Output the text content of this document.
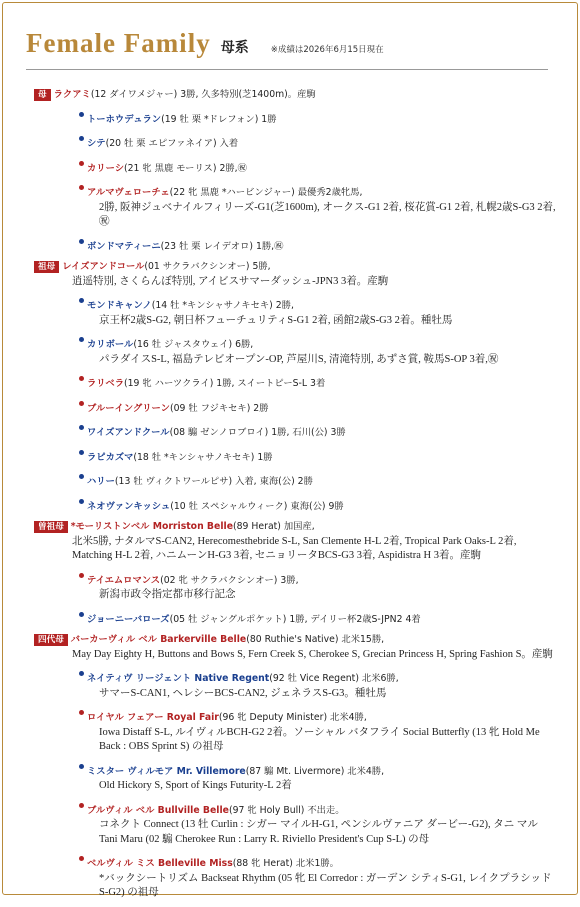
Female Family 母系	※成績は2026年6月15日現在
母 ラクアミ(12 ダイワメジャー) 3勝, 久多特別(芝1400m)。産駒
トーホウデュラン(19 牡 栗 *ドレフォン) 1勝
シテ(20 牡 栗 エピファネイア) 入着
カリーシ(21 牝 黒鹿 モーリス) 2勝,㊗
アルマヴェローチェ(22 牝 黒鹿 *ハービンジャー) 最優秀2歳牝馬,
2勝, 阪神ジュベナイルフィリーズ-G1(芝1600m), オークス-G1 2着, 桜花賞-G1 2着, 札幌2歳S-G3 2着,㊗
ボンドマティーニ(23 牡 栗 レイデオロ) 1勝,㊗
祖母 レイズアンドコール(01 サクラバクシンオー) 5勝,
逍遥特別, さくらんぼ特別, アイビスサマーダッシュ-JPN3 3着。産駒
モンドキャンノ(14 牡 *キンシャサノキセキ) 2勝,
京王杯2歳S-G2, 朝日杯フューチュリティS-G1 2着, 函館2歳S-G3 2着。種牡馬
カリボール(16 牡 ジャスタウェイ) 6勝,
パラダイスS-L, 福島テレビオープン-OP, 芦屋川S, 清滝特別, あずさ賞, 鞍馬S-OP 3着,㊗
ラリベラ(19 牝 ハーツクライ) 1勝, スイートピーS-L 3着
ブルーイングリーン(09 牡 フジキセキ) 2勝
ワイズアンドクール(08 騸 ゼンノロブロイ) 1勝, 石川(公) 3勝
ラピカズマ(18 牡 *キンシャサノキセキ) 1勝
ハリー(13 牡 ヴィクトワールピサ) 入着, 東海(公) 2勝
ネオヴァンキッシュ(10 牡 スペシャルウィーク) 東海(公) 9勝
曽祖母 *モーリストンベル Morriston Belle(89 Herat) 加国産,
北米5勝, ナタルマS-CAN2, Herecomesthebride S-L, San Clemente H-L 2着, Tropical Park Oaks-L 2着, Matching H-L 2着, ハニムーンH-G3 3着, セニョリータBCS-G3 3着, Aspidistra H 3着。産駒
テイエムロマンス(02 牝 サクラバクシンオー) 3勝,
新潟市政令指定都市移行記念
ジョーニーバローズ(05 牡 ジャングルポケット) 1勝, デイリー杯2歳S-JPN2 4着
四代母 バーカーヴィル ベル Barkerville Belle(80 Ruthie's Native) 北米15勝,
May Day Eighty H, Buttons and Bows S, Fern Creek S, Cherokee S, Grecian Princess H, Spring Fashion S。産駒
ネイティヴ リージェント Native Regent(92 牡 Vice Regent) 北米6勝,
サマーS-CAN1, ヘレシーBCS-CAN2, ジェネラスS-G3。種牡馬
ロイヤル フェアー Royal Fair(96 牝 Deputy Minister) 北米4勝,
Iowa Distaff S-L, ルイヴィルBCH-G2 2着。ソーシャル バタフライ Social Butterfly (13 牝 Hold Me Back : OBS Sprint S) の祖母
ミスター ヴィルモア Mr. Villemore(87 騸 Mt. Livermore) 北米4勝,
Old Hickory S, Sport of Kings Futurity-L 2着
ブルヴィル ベル Bullville Belle(97 牝 Holy Bull) 不出走。
コネクト Connect (13 牡 Curlin : シガー マイルH-G1, ペンシルヴァニア ダービー-G2), タニ マル Tani Maru (02 騸 Cherokee Run : Larry R. Riviello President's Cup S-L) の母
ベルヴィル ミス Belleville Miss(88 牝 Herat) 北米1勝。
*バックシートリズム Backseat Rhythm (05 牝 El Corredor : ガーデン シティS-G1, レイクプラシッドS-G2) の祖母
